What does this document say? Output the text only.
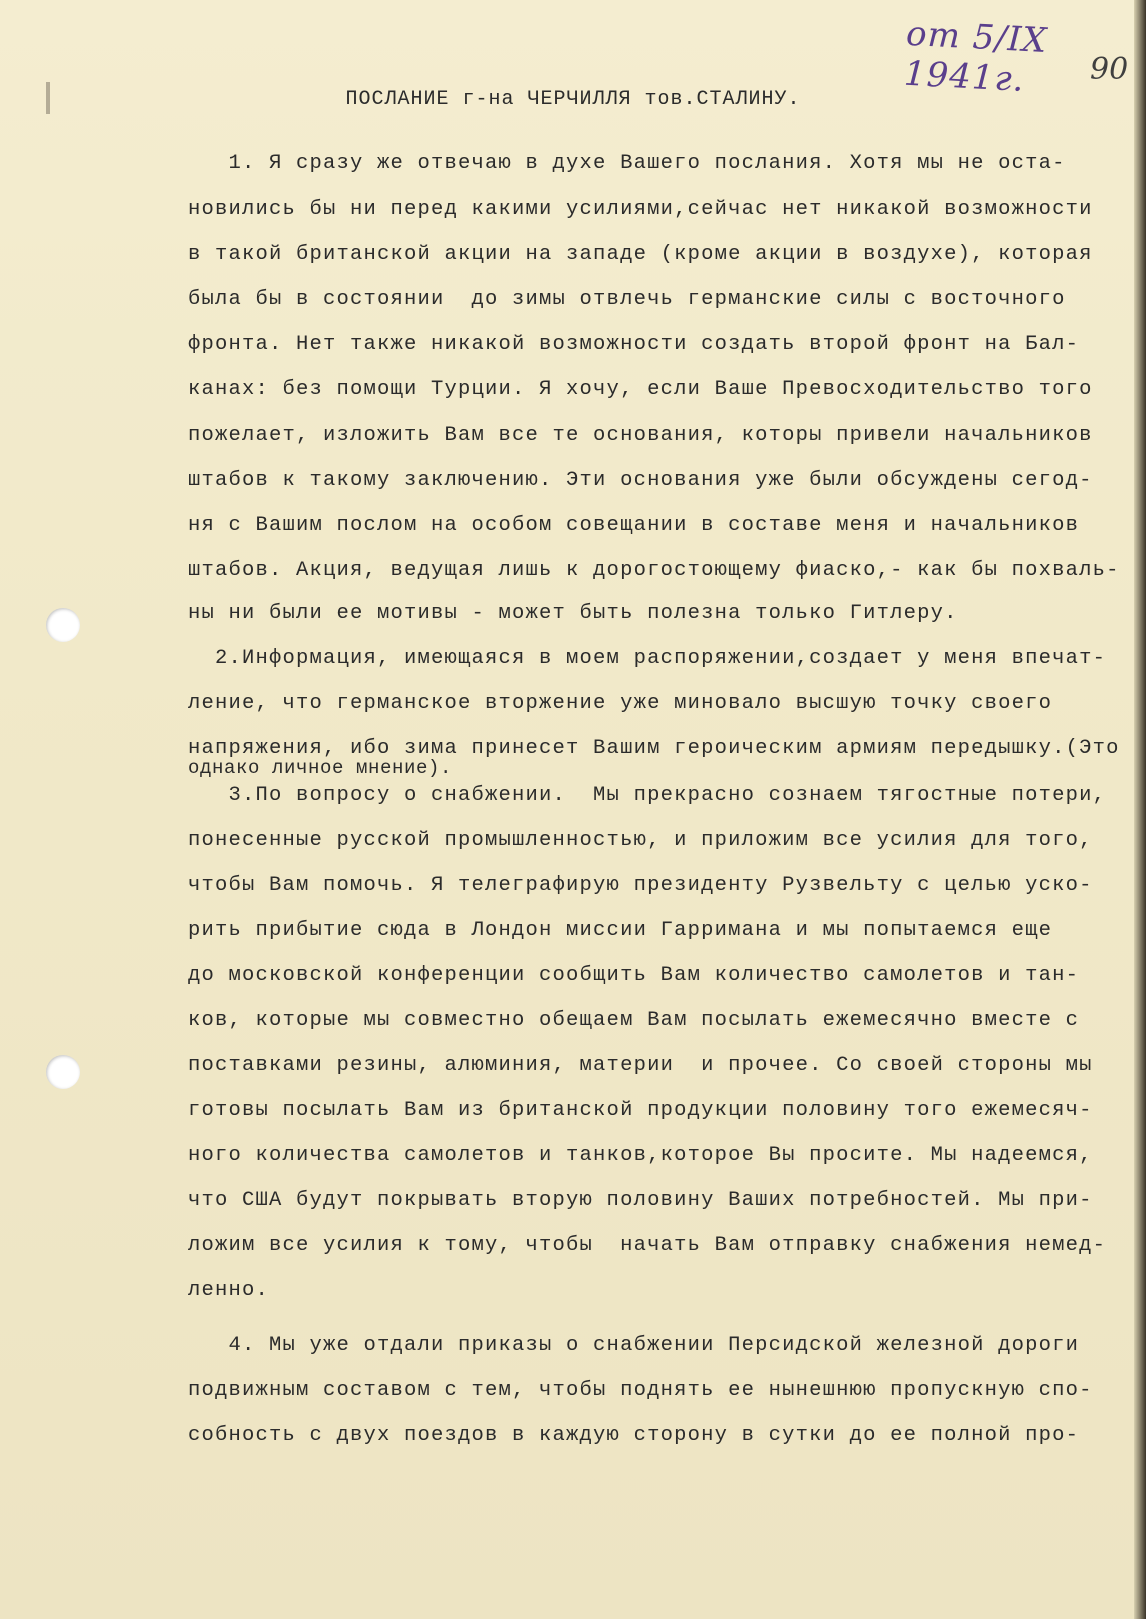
от 5/IX 1941г.	90
ПОСЛАНИЕ г-на ЧЕРЧИЛЛЯ тов.СТАЛИНУ.
1. Я сразу же отвечаю в духе Вашего послания. Хотя мы не оста-
новились бы ни перед какими усилиями,сейчас нет никакой возможности
в такой британской акции на западе (кроме акции в воздухе), которая
была бы в состоянии  до зимы отвлечь германские силы с восточного
фронта. Нет также никакой возможности создать второй фронт на Бал-
канах: без помощи Турции. Я хочу, если Ваше Превосходительство того
пожелает, изложить Вам все те основания, которы привели начальников
штабов к такому заключению. Эти основания уже были обсуждены сегод-
ня с Вашим послом на особом совещании в составе меня и начальников
штабов. Акция, ведущая лишь к дорогостоющему фиаско,- как бы похваль-
ны ни были ее мотивы - может быть полезна только Гитлеру.
2.Информация, имеющаяся в моем распоряжении,создает у меня впечат-
ление, что германское вторжение уже миновало высшую точку своего
напряжения, ибо зима принесет Вашим героическим армиям передышку.(Это
однако личное мнение).
3.По вопросу о снабжении.  Мы прекрасно сознаем тягостные потери,
понесенные русской промышленностью, и приложим все усилия для того,
чтобы Вам помочь. Я телеграфирую президенту Рузвельту с целью уско-
рить прибытие сюда в Лондон миссии Гарримана и мы попытаемся еще
до московской конференции сообщить Вам количество самолетов и тан-
ков, которые мы совместно обещаем Вам посылать ежемесячно вместе с
поставками резины, алюминия, материи  и прочее. Со своей стороны мы
готовы посылать Вам из британской продукции половину того ежемесяч-
ного количества самолетов и танков,которое Вы просите. Мы надеемся,
что США будут покрывать вторую половину Ваших потребностей. Мы при-
ложим все усилия к тому, чтобы  начать Вам отправку снабжения немед-
ленно.
4. Мы уже отдали приказы о снабжении Персидской железной дороги
подвижным составом с тем, чтобы поднять ее нынешнюю пропускную спо-
собность с двух поездов в каждую сторону в сутки до ее полной про-
